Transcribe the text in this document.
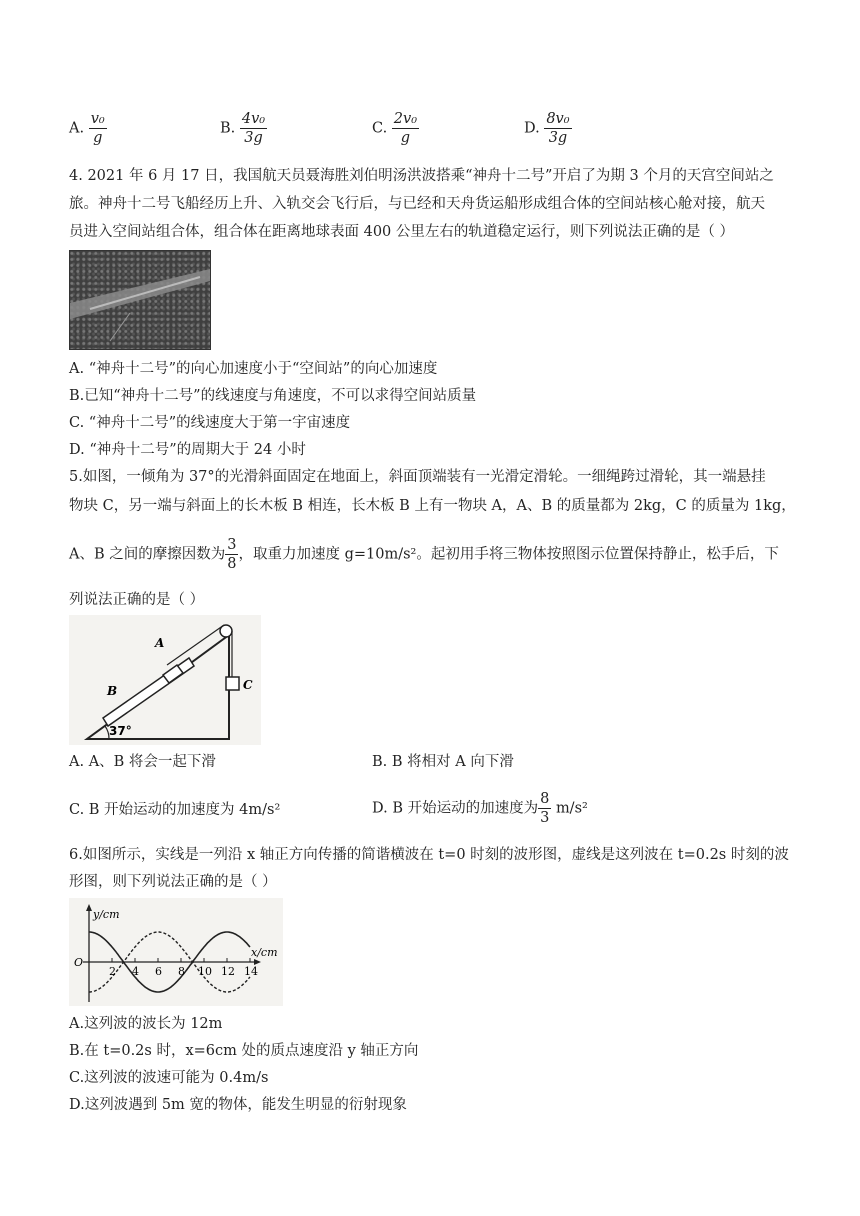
A. $\frac{\text{v₀}}{g}$	B. $\frac{\text{4v₀}}{3g}$	C. $\frac{\text{2v₀}}{g}$	D. $\frac{\text{8v₀}}{3g}$
4. 2021 年 6 月 17 日，我国航天员聂海胜刘伯明汤洪波搭乘“神舟十二号”开启了为期 3 个月的天宫空间站之
旅。神舟十二号飞船经历上升、入轨交会飞行后，与已经和天舟货运船形成组合体的空间站核心舱对接，航天
员进入空间站组合体，组合体在距离地球表面 400 公里左右的轨道稳定运行，则下列说法正确的是（ ）
A. “神舟十二号”的向心加速度小于“空间站”的向心加速度
B.已知“神舟十二号”的线速度与角速度，不可以求得空间站质量
C. “神舟十二号”的线速度大于第一宇宙速度
D. “神舟十二号”的周期大于 24 小时
5.如图，一倾角为 37°的光滑斜面固定在地面上，斜面顶端装有一光滑定滑轮。一细绳跨过滑轮，其一端悬挂
物块 C，另一端与斜面上的长木板 B 相连，长木板 B 上有一物块 A，A、B 的质量都为 2kg，C 的质量为 1kg，
A、B 之间的摩擦因数为 $\frac{3}{8}$ ，取重力加速度 g=10m/s²。起初用手将三物体按照图示位置保持静止，松手后，下
列说法正确的是（ ）
37°
C
B
A
A. A、B 将会一起下滑	B. B 将相对 A 向下滑
C. B 开始运动的加速度为 4m/s²	D. B 开始运动的加速度为 $\frac{8}{3} m/s^2$
6.如图所示，实线是一列沿 x 轴正方向传播的简谐横波在 t=0 时刻的波形图，虚线是这列波在 t=0.2s 时刻的波
形图，则下列说法正确的是（ ）
y/cm
x/cm
O
2 4 6 8 10 12 14
A.这列波的波长为 12m
B.在 t=0.2s 时，x=6cm 处的质点速度沿 y 轴正方向
C.这列波的波速可能为 0.4m/s
D.这列波遇到 5m 宽的物体，能发生明显的衍射现象
